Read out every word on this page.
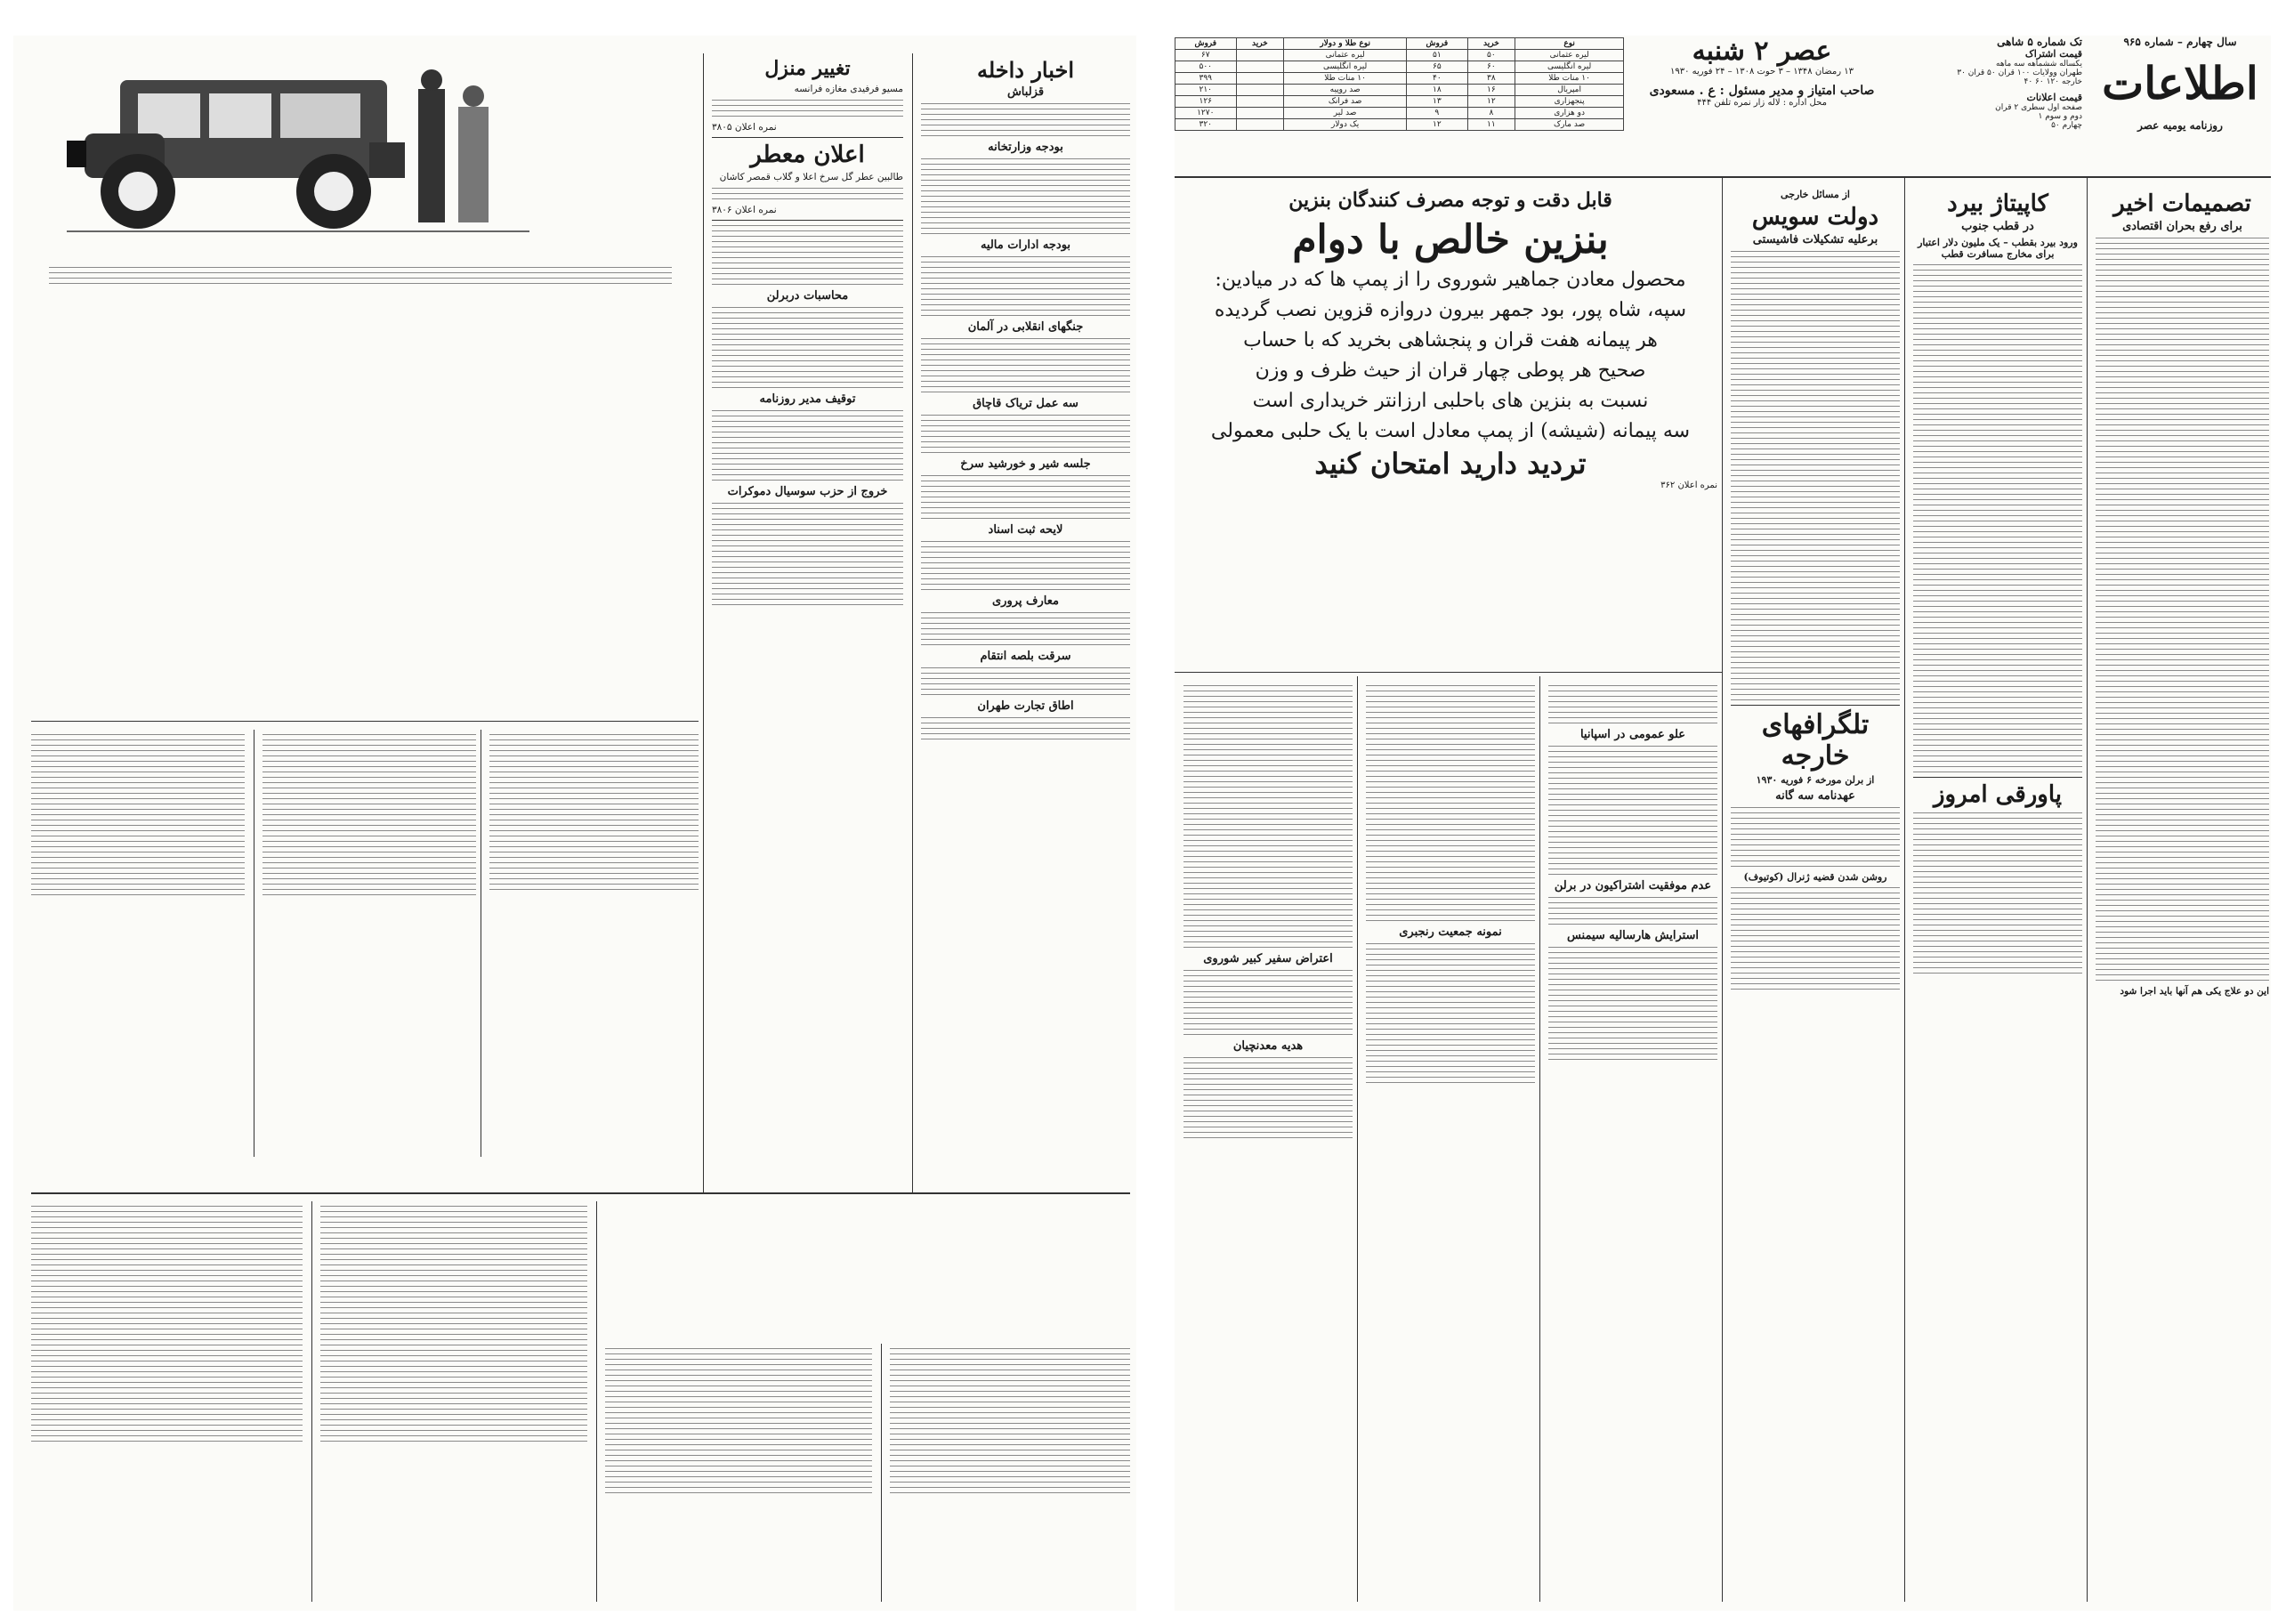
تغییر منزل

مسیو فرفيدی مغازه فرانسه

نمره اعلان ۳۸۰۵

اعلان معطر

طالبين عطر گل سرخ اعلا و گلاب قمصر کاشان

نمره اعلان ۳۸۰۶

محاسبات دربرلن
توقیف مدیر روزنامه
خروج از حزب سوسیال دموکرات
اخبار داخله
قزلباش
بودجه وزارتخانه
بودجه ادارات ماليه
جنگهای انقلابی در آلمان
سه عمل تریاک قاچاق
جلسه شیر و خورشید سرخ
لایحه ثبت اسناد
معارف پروری
سرقت بلصه انتقام
اطاق تجارت طهران
سال چهارم – شماره ۹۶۵
اطلاعات
روزنامه یومیه عصر
تک شماره ۵ شاهی
قیمت اشتراک
یکساله ششماهه سه ماهه
طهران وولایات ۱۰۰ قران ۵۰ قران ۳۰
خارجه ۱۲۰ ۶۰ ۴۰
قیمت اعلانات
صفحه اول سطری ۲ قران
دوم و سوم ۱
چهارم ۵۰
عصر ۲ شنبه
۱۳ رمضان ۱۳۴۸ – ۳ حوت ۱۳۰۸ – ۲۴ فوریه ۱۹۳۰
صاحب امتیاز و مدیر مسئول : ع . مسعودی
محل اداره : لاله زار نمره تلفن ۴۴۴
نوع	خرید	فروش	نوع طلا و دولار	خرید	فروش
لیره عثمانی	۵۰	۵۱	لیره عثمانی		۶۷
لیره انگلیسی	۶۰	۶۵	لیره انگلیسی		۵۰۰
۱۰ منات طلا	۳۸	۴۰	۱۰ منات طلا		۳۹۹
امپریال	۱۶	۱۸	صد روپیه		۲۱۰
پنجهزاری	۱۲	۱۳	صد فرانک		۱۲۶
دو هزاری	۸	۹	صد لیر		۱۲۷۰
صد مارک	۱۱	۱۲	یک دولار		۳۲۰
تصمیمات اخیر
برای رفع بحران اقتصادی

این دو علاج یکی هم آنها باید اجرا شود

کاپیتاژ بیرد
در قطب جنوب
ورود بیرد بقطب – یک ملیون دلار اعتبار برای مخارج مسافرت قطب
پاورقی امروز
از مسائل خارجی
دولت سویس
برعلیه تشکیلات فاشیستی
تلگرافهای خارجه
از برلن مورخه ۶ فوریه ۱۹۳۰
عهدنامه سه گانه
روشن شدن قضیه ژنرال (کوتیوف)
قابل دقت و توجه مصرف کنندگان بنزین
بنزین خالص با دوام
محصول معادن جماهیر شوروی را از پمپ ها که در میادین:
سپه، شاه پور، بود جمهر بیرون دروازه قزوین نصب گردیده
هر پیمانه هفت قران و پنجشاهی بخرید که با حساب
صحیح هر پوطی چهار قران از حیث ظرف و وزن
نسبت به بنزین های باحلبی ارزانتر خریداری است
سه پیمانه (شیشه) از پمپ معادل است با یک حلبی معمولی
تردید دارید امتحان کنید
نمره اعلان ۳۶۲
علو عمومی در اسپانیا
عدم موفقیت اشتراکیون در برلن
استرایش هارسالیه سیمنس
نمونه جمعیت رنجبری
اعتراض سفیر کبیر شوروی
هدیه معدنچیان
